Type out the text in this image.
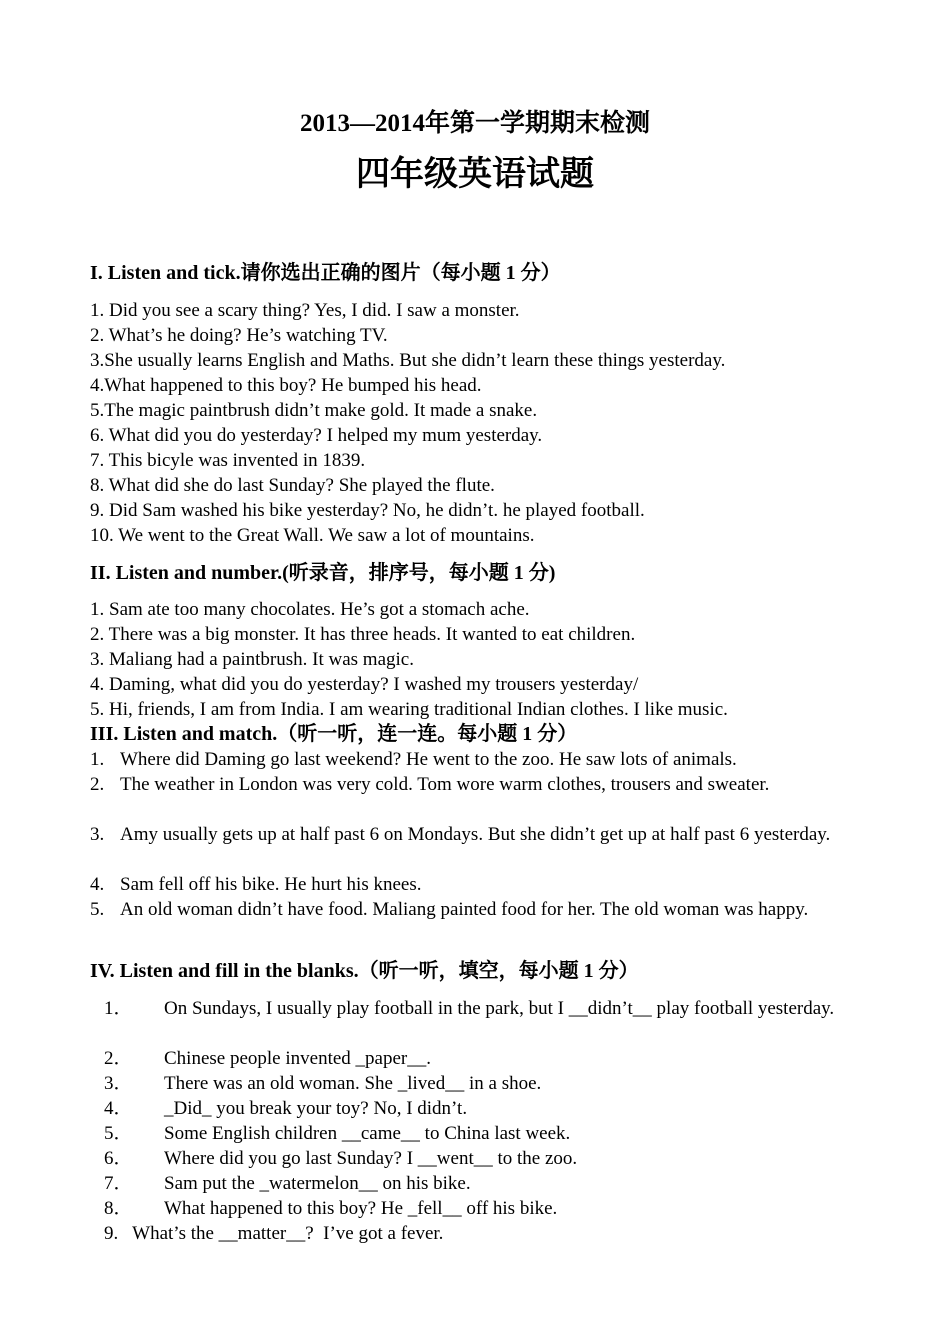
2013—2014年第一学期期末检测
四年级英语试题
I. Listen and tick.请你选出正确的图片（每小题 1 分）
1. Did you see a scary thing? Yes, I did. I saw a monster.
2. What’s he doing? He’s watching TV.
3.She usually learns English and Maths. But she didn’t learn these things yesterday.
4.What happened to this boy? He bumped his head.
5.The magic paintbrush didn’t make gold. It made a snake.
6. What did you do yesterday? I helped my mum yesterday.
7. This bicyle was invented in 1839.
8. What did she do last Sunday? She played the flute.
9. Did Sam washed his bike yesterday? No, he didn’t. he played football.
10. We went to the Great Wall. We saw a lot of mountains.
II. Listen and number.(听录音，排序号，每小题 1 分)
1. Sam ate too many chocolates. He’s got a stomach ache.
2. There was a big monster. It has three heads. It wanted to eat children.
3. Maliang had a paintbrush. It was magic.
4. Daming, what did you do yesterday? I washed my trousers yesterday/
5. Hi, friends, I am from India. I am wearing traditional Indian clothes. I like music.
III. Listen and match.（听一听，连一连。每小题 1 分）
1. Where did Daming go last weekend? He went to the zoo. He saw lots of animals.
2. The weather in London was very cold. Tom wore warm clothes, trousers and sweater.
3. Amy usually gets up at half past 6 on Mondays. But she didn’t get up at half past 6 yesterday.
4. Sam fell off his bike. He hurt his knees.
5. An old woman didn’t have food. Maliang painted food for her. The old woman was happy.
IV. Listen and fill in the blanks.（听一听，填空，每小题 1 分）
1．	On Sundays, I usually play football in the park, but I __didn’t__ play football yesterday.
2．	Chinese people invented _paper__.
3．	There was an old woman. She _lived__ in a shoe.
4．	_Did_ you break your toy? No, I didn’t.
5．	Some English children __came__ to China last week.
6．	Where did you go last Sunday? I __went__ to the zoo.
7．	Sam put the _watermelon__ on his bike.
8．	What happened to this boy? He _fell__ off his bike.
9.   What’s the __matter__?  I’ve got a fever.
